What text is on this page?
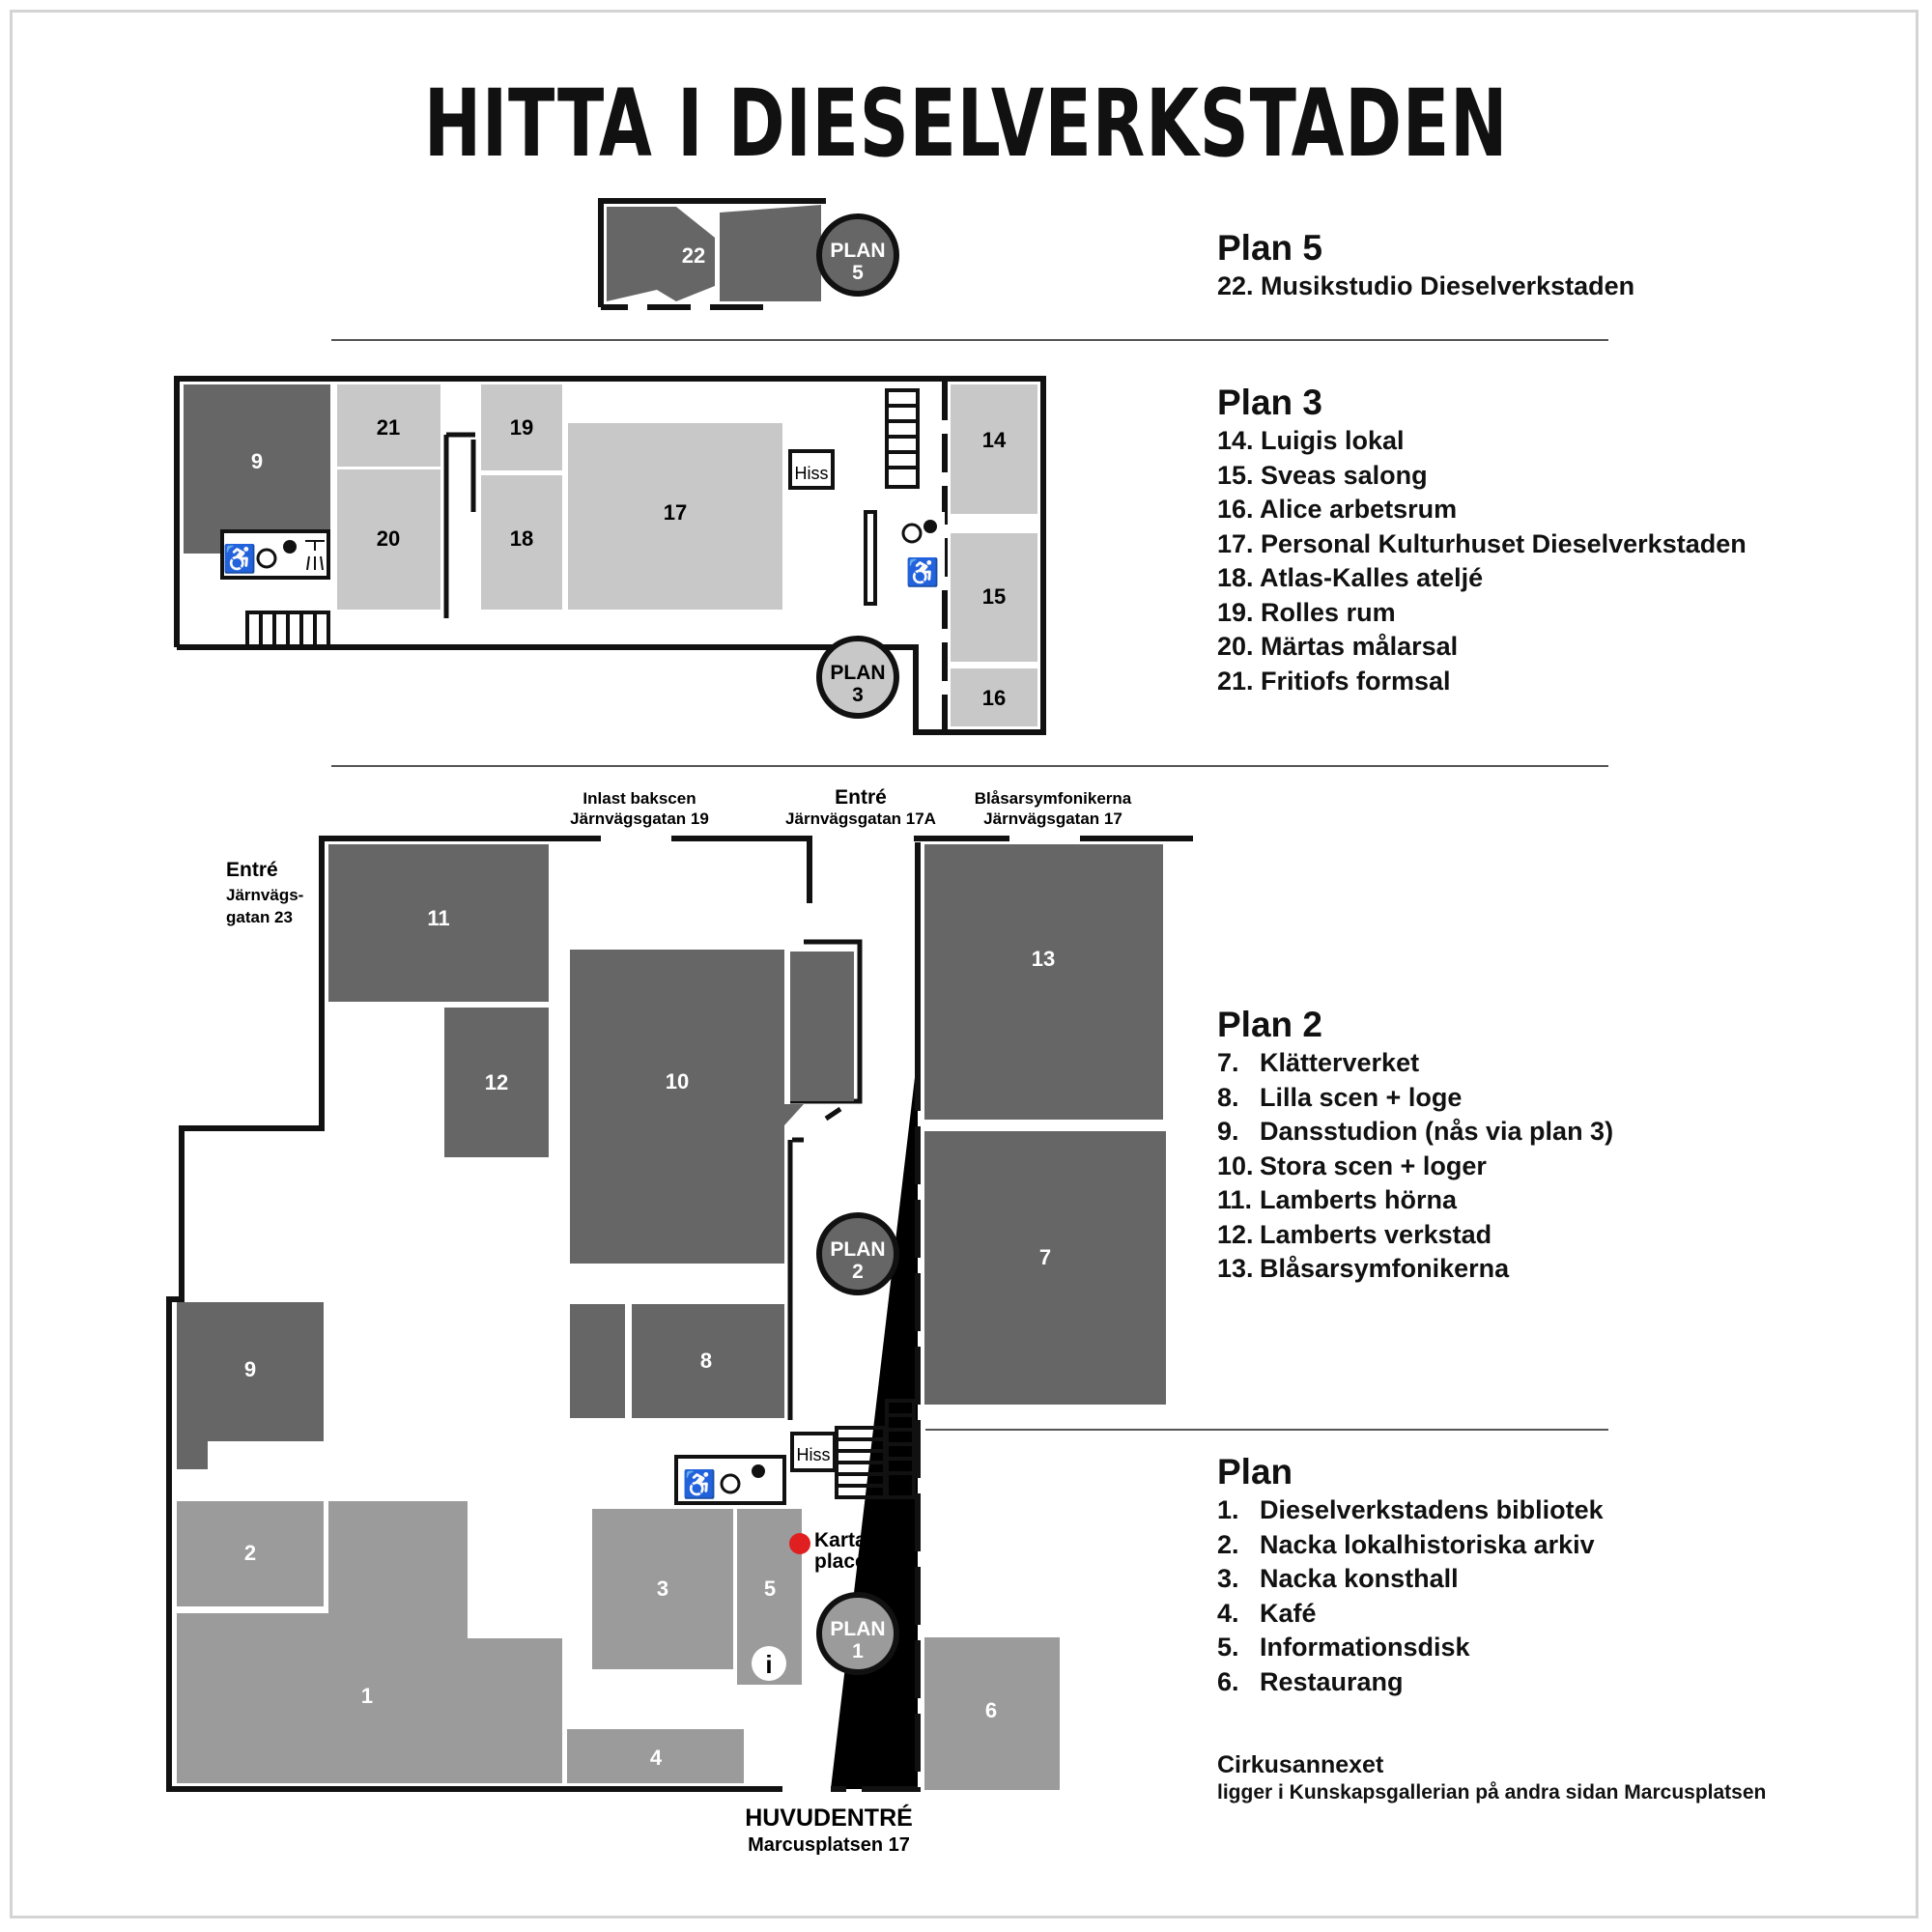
HITTA I DIESELVERKSTADEN
22	PLAN
5
Hiss
♿	♿
9
21
20
19
18
17
14
15
16
PLAN
3
Hiss
♿
11
12	10
13
7
9	8
2
1
3	5
4
6
i
Kartans
placering
PLAN
2
PLAN
1
Inlast bakscen
Järnvägsgatan 19
Entré
Järnvägsgatan 17A
Blåsarsymfonikerna
Järnvägsgatan 17
Entré
Järnvägs-
gatan 23
HUVUDENTRÉ
Marcusplatsen 17
Plan 5
22. Musikstudio Dieselverkstaden
Plan 3
14. Luigis lokal
15. Sveas salong
16. Alice arbetsrum
17. Personal Kulturhuset Dieselverkstaden
18. Atlas-Kalles ateljé
19. Rolles rum
20. Märtas målarsal
21. Fritiofs formsal
Plan 2
7. Klätterverket
8. Lilla scen + loge
9. Dansstudion (nås via plan 3)
10. Stora scen + loger
11. Lamberts hörna
12. Lamberts verkstad
13. Blåsarsymfonikerna
Plan
1. Dieselverkstadens bibliotek
2. Nacka lokalhistoriska arkiv
3. Nacka konsthall
4. Kafé
5. Informationsdisk
6. Restaurang
Cirkusannexet

ligger i Kunskapsgallerian på andra sidan Marcusplatsen
